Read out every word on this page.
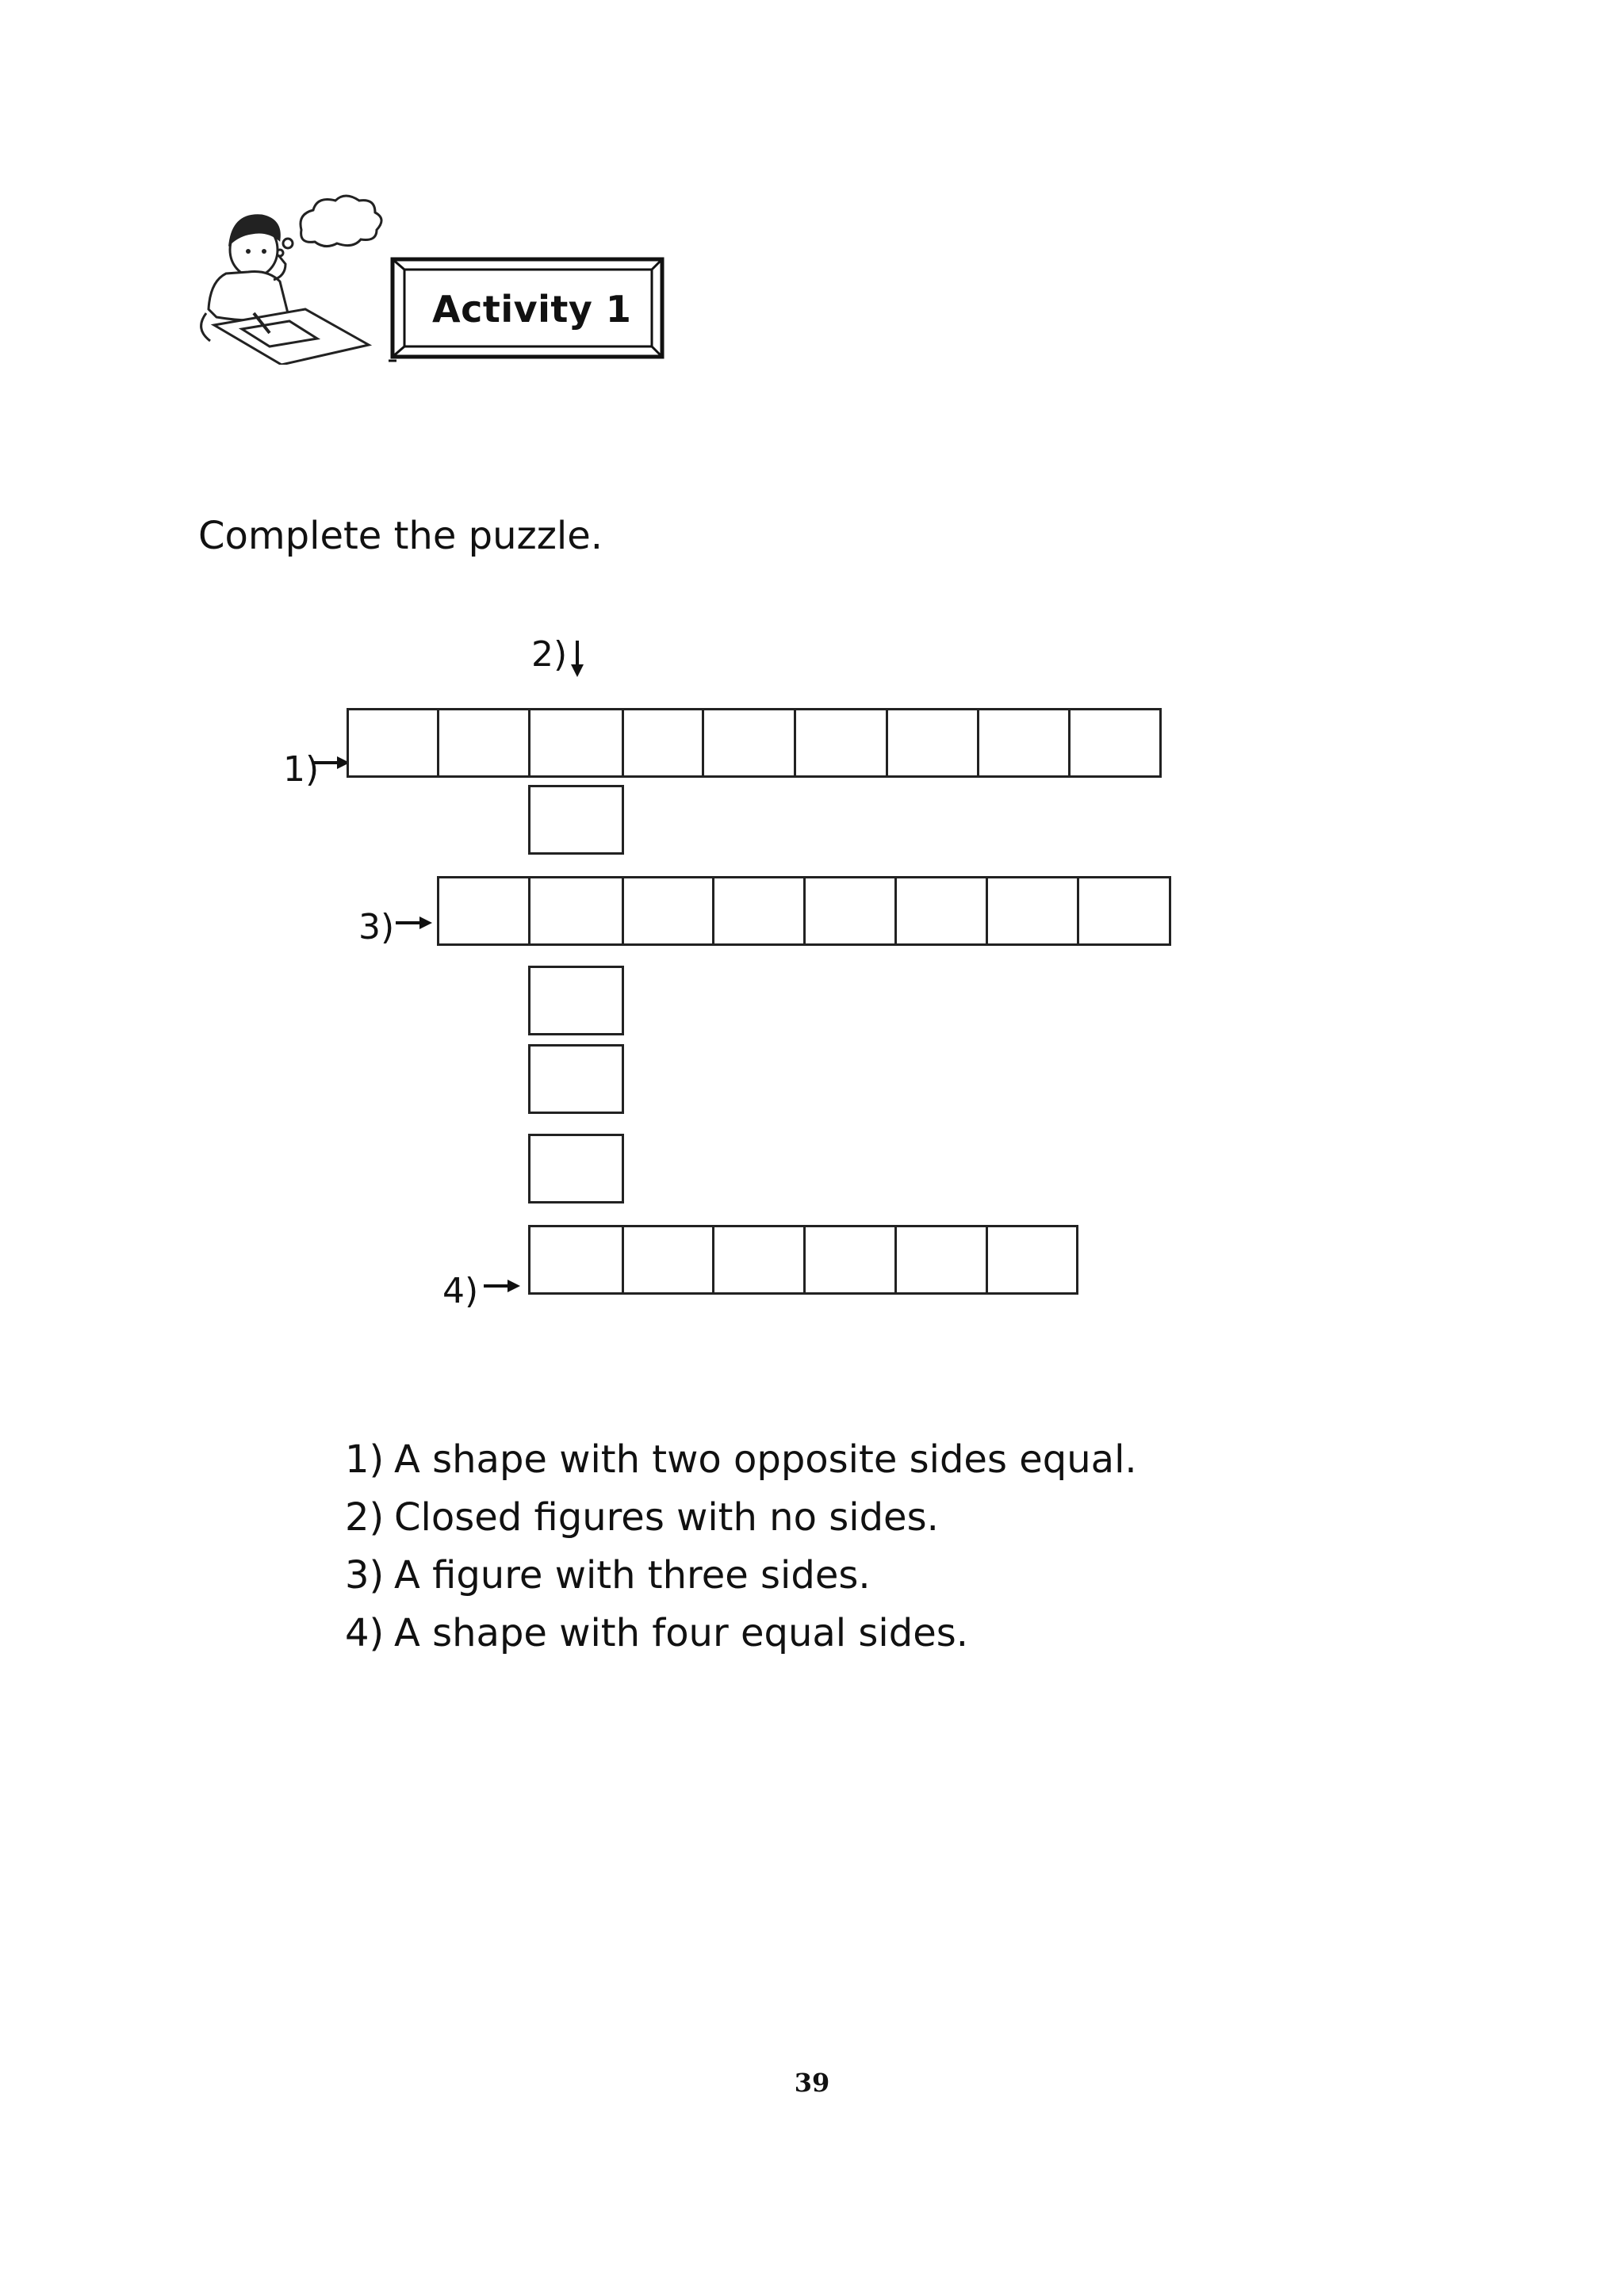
Activity 1
Complete the puzzle.
2)
1)
3)
4)
1) A shape with two opposite sides equal.
2) Closed figures with no sides.
3) A figure with three sides.
4) A shape with four equal sides.
39
